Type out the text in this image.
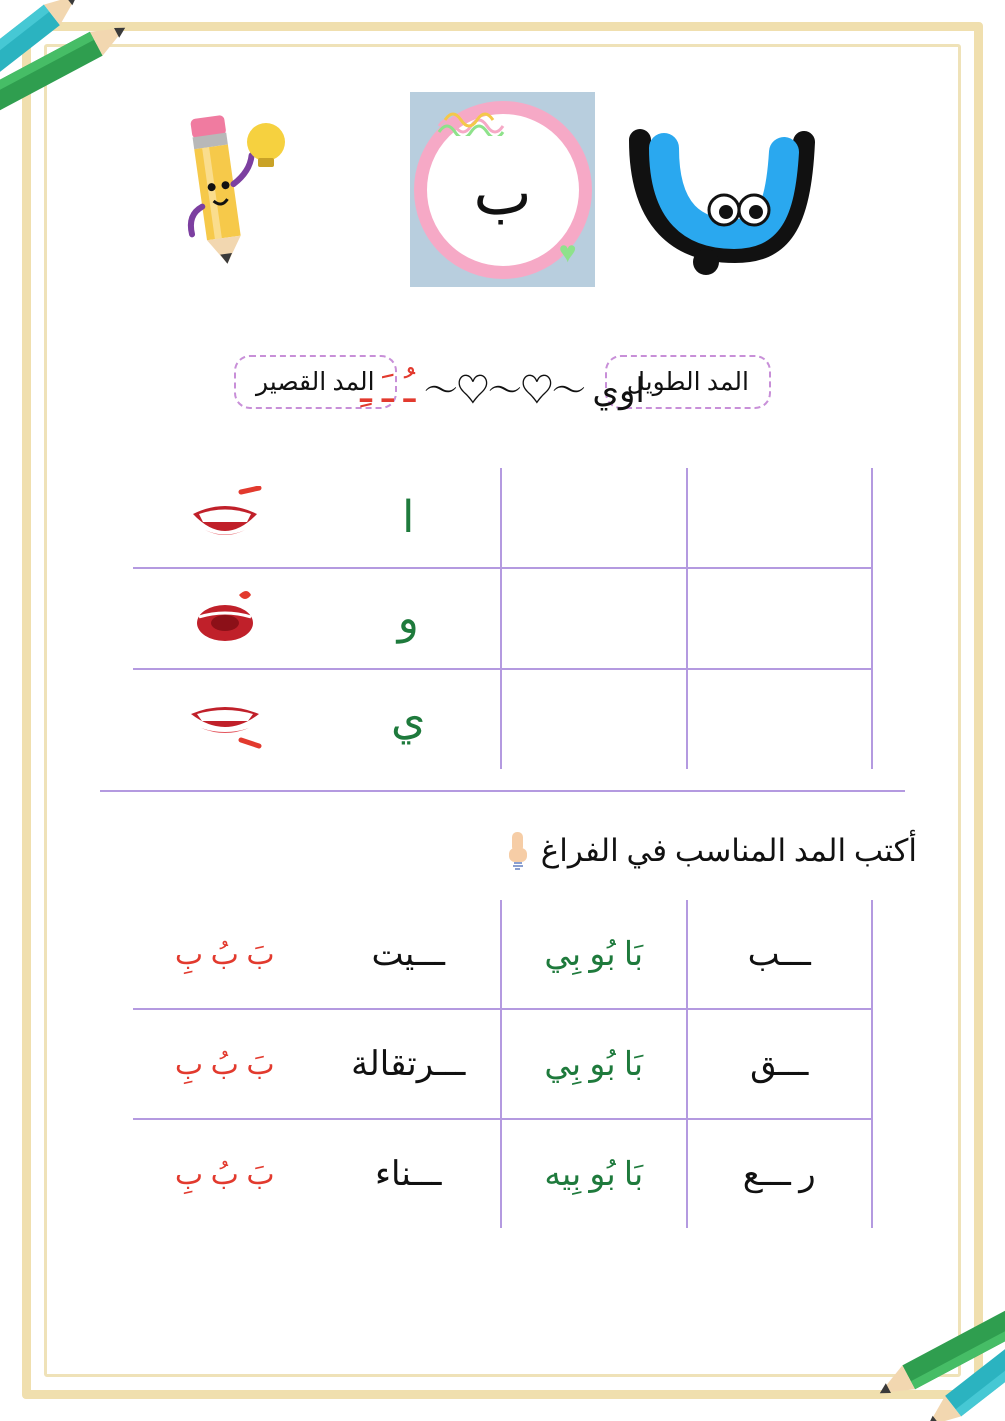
ب
♥
المد الطويل
المد القصير	اوي 〜♡〜♡〜 ـُ ـَ ـِ
ا
و
ي
أكتب المد المناسب في الفراغ
بَ بُ بِ	ـــيت	بَا بُو بِي	ـــب
بَ بُ بِ	ـــرتقالة	بَا بُو بِي	ـــق
بَ بُ بِ	ـــناء	بَا بُو بِيه	ر ـــع
